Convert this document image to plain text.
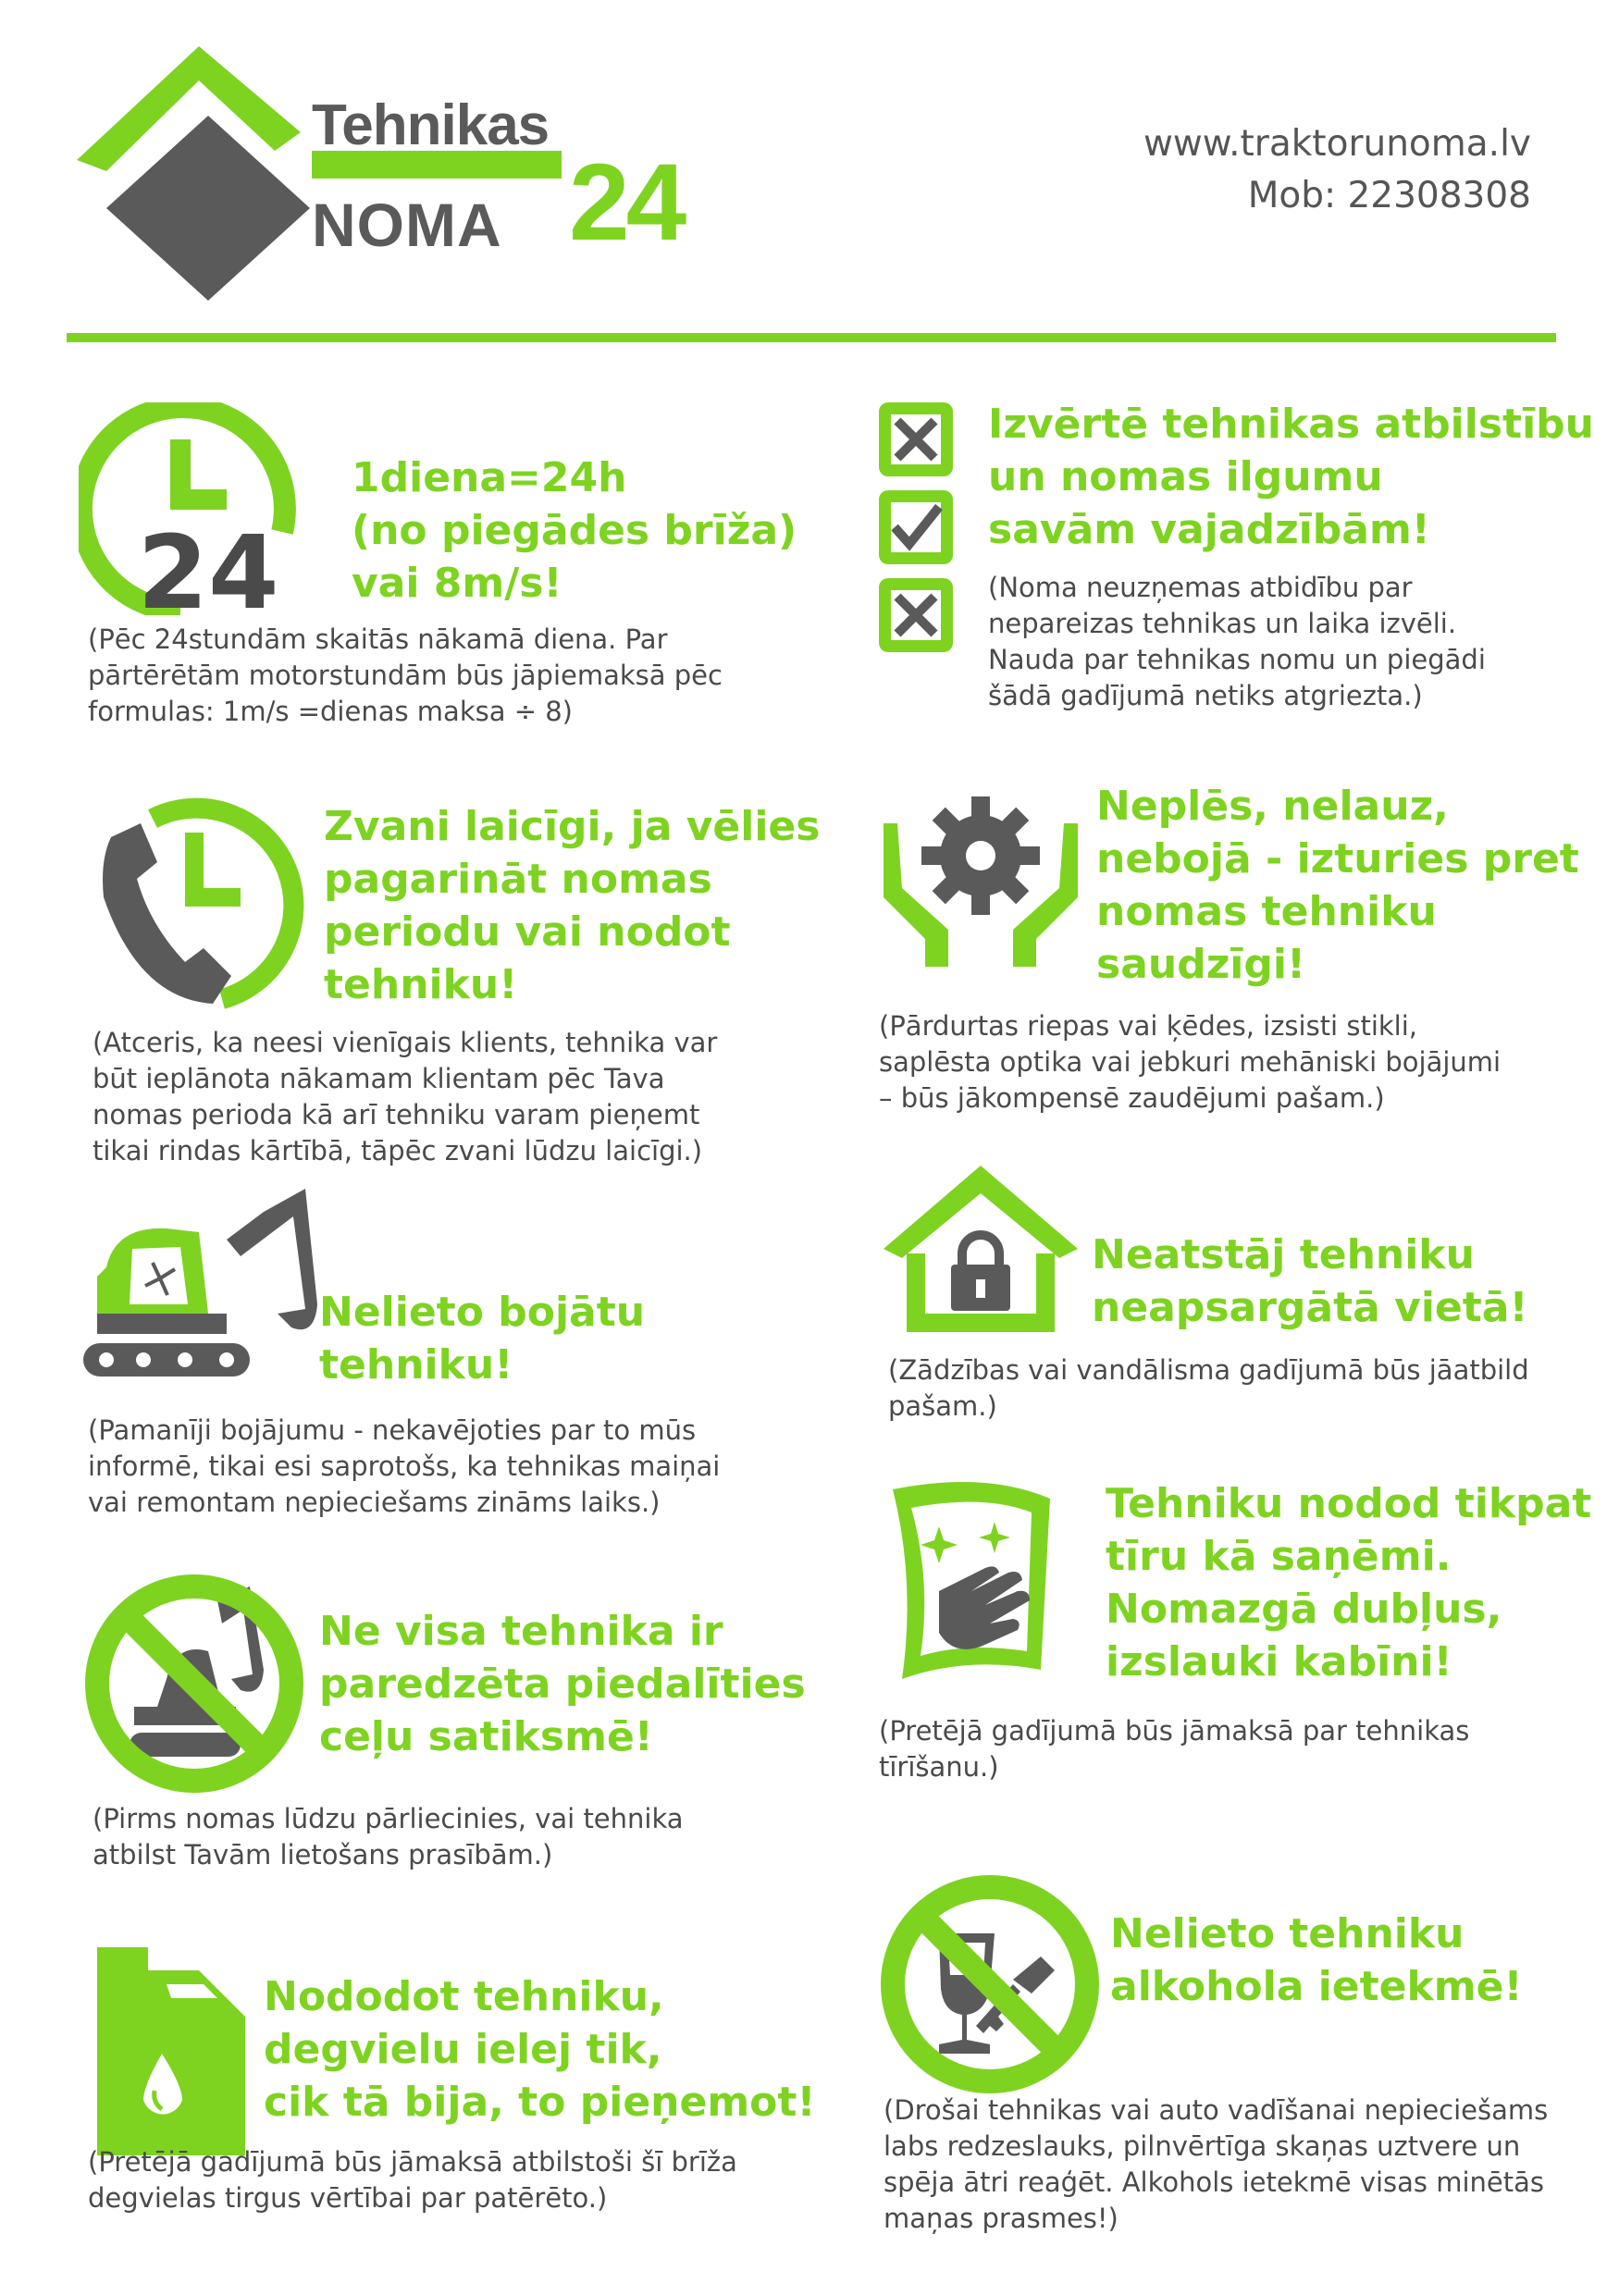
Tehnikas
NOMA 24	www.traktorunoma.lv
Mob: 22308308
24
1diena=24h
(no piegādes brīža)
vai 8m/s!
(Pēc 24stundām skaitās nākamā diena. Par
pārtērētām motorstundām būs jāpiemaksā pēc
formulas: 1m/s =dienas maksa ÷ 8)
Zvani laicīgi, ja vēlies
pagarināt nomas
periodu vai nodot
tehniku!
(Atceris, ka neesi vienīgais klients, tehnika var
būt ieplānota nākamam klientam pēc Tava
nomas perioda kā arī tehniku varam pieņemt
tikai rindas kārtībā, tāpēc zvani lūdzu laicīgi.)
Nelieto bojātu
tehniku!
(Pamanīji bojājumu - nekavējoties par to mūs
informē, tikai esi saprotošs, ka tehnikas maiņai
vai remontam nepieciešams zināms laiks.)
Ne visa tehnika ir
paredzēta piedalīties
ceļu satiksmē!
(Pirms nomas lūdzu pārliecinies, vai tehnika
atbilst Tavām lietošans prasībām.)
Nododot tehniku,
degvielu ielej tik,
cik tā bija, to pieņemot!
(Pretējā gadījumā būs jāmaksā atbilstoši šī brīža
degvielas tirgus vērtībai par patērēto.)
Izvērtē tehnikas atbilstību
un nomas ilgumu
savām vajadzībām!
(Noma neuzņemas atbidību par
nepareizas tehnikas un laika izvēli.
Nauda par tehnikas nomu un piegādi
šādā gadījumā netiks atgriezta.)
Neplēs, nelauz,
nebojā - izturies pret
nomas tehniku
saudzīgi!
(Pārdurtas riepas vai ķēdes, izsisti stikli,
saplēsta optika vai jebkuri mehāniski bojājumi
– būs jākompensē zaudējumi pašam.)
Neatstāj tehniku
neapsargātā vietā!
(Zādzības vai vandālisma gadījumā būs jāatbild
pašam.)
Tehniku nodod tikpat
tīru kā saņēmi.
Nomazgā dubļus,
izslauki kabīni!
(Pretējā gadījumā būs jāmaksā par tehnikas
tīrīšanu.)
Nelieto tehniku
alkohola ietekmē!
(Drošai tehnikas vai auto vadīšanai nepieciešams
labs redzeslauks, pilnvērtīga skaņas uztvere un
spēja ātri reaģēt. Alkohols ietekmē visas minētās
maņas prasmes!)
